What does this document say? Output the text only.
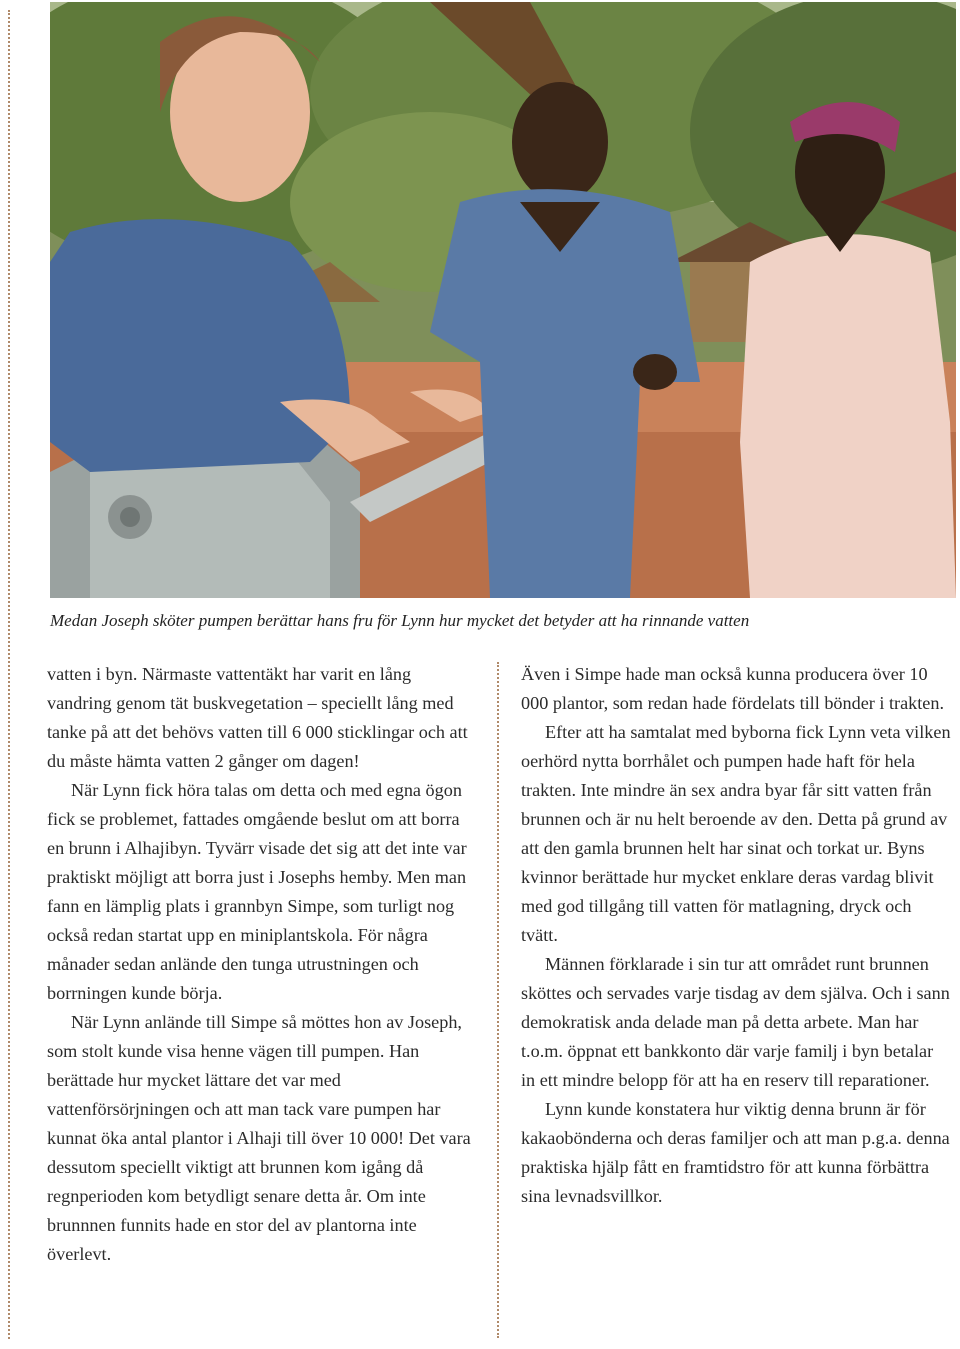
Medan Joseph sköter pumpen berättar hans fru för Lynn hur mycket det betyder att ha rinnande vatten

vatten i byn. Närmaste vattentäkt har varit en lång vandring genom tät buskvegetation – speciellt lång med tanke på att det behövs vatten till 6 000 sticklingar och att du måste hämta vatten 2 gånger om dagen!

När Lynn fick höra talas om detta och med egna ögon fick se problemet, fattades omgående beslut om att borra en brunn i Alhajibyn. Tyvärr visade det sig att det inte var praktiskt möjligt att borra just i Josephs hemby. Men man fann en lämplig plats i grannbyn Simpe, som turligt nog också redan startat upp en miniplantskola. För några månader sedan anlände den tunga utrustningen och borrningen kunde börja.

När Lynn anlände till Simpe så möttes hon av Joseph, som stolt kunde visa henne vägen till pumpen. Han berättade hur mycket lättare det var med vattenförsörjningen och att man tack vare pumpen har kunnat öka antal plantor i Alhaji till över 10 000! Det vara dessutom speciellt viktigt att brunnen kom igång då regnperioden kom betydligt senare detta år. Om inte brunnnen funnits hade en stor del av plantorna inte överlevt.

Även i Simpe hade man också kunna producera över 10 000 plantor, som redan hade fördelats till bönder i trakten.

Efter att ha samtalat med byborna fick Lynn veta vilken oerhörd nytta borrhålet och pumpen hade haft för hela trakten. Inte mindre än sex andra byar får sitt vatten från brunnen och är nu helt beroende av den. Detta på grund av att den gamla brunnen helt har sinat och torkat ur. Byns kvinnor berättade hur mycket enklare deras vardag blivit med god tillgång till vatten för matlagning, dryck och tvätt.

Männen förklarade i sin tur att området runt brunnen sköttes och servades varje tisdag av dem själva. Och i sann demokratisk anda delade man på detta arbete. Man har t.o.m. öppnat ett bankkonto där varje familj i byn betalar in ett mindre belopp för att ha en reserv till reparationer.

Lynn kunde konstatera hur viktig denna brunn är för kakaobönderna och deras familjer och att man p.g.a. denna praktiska hjälp fått en framtidstro för att kunna förbättra sina levnadsvillkor.
